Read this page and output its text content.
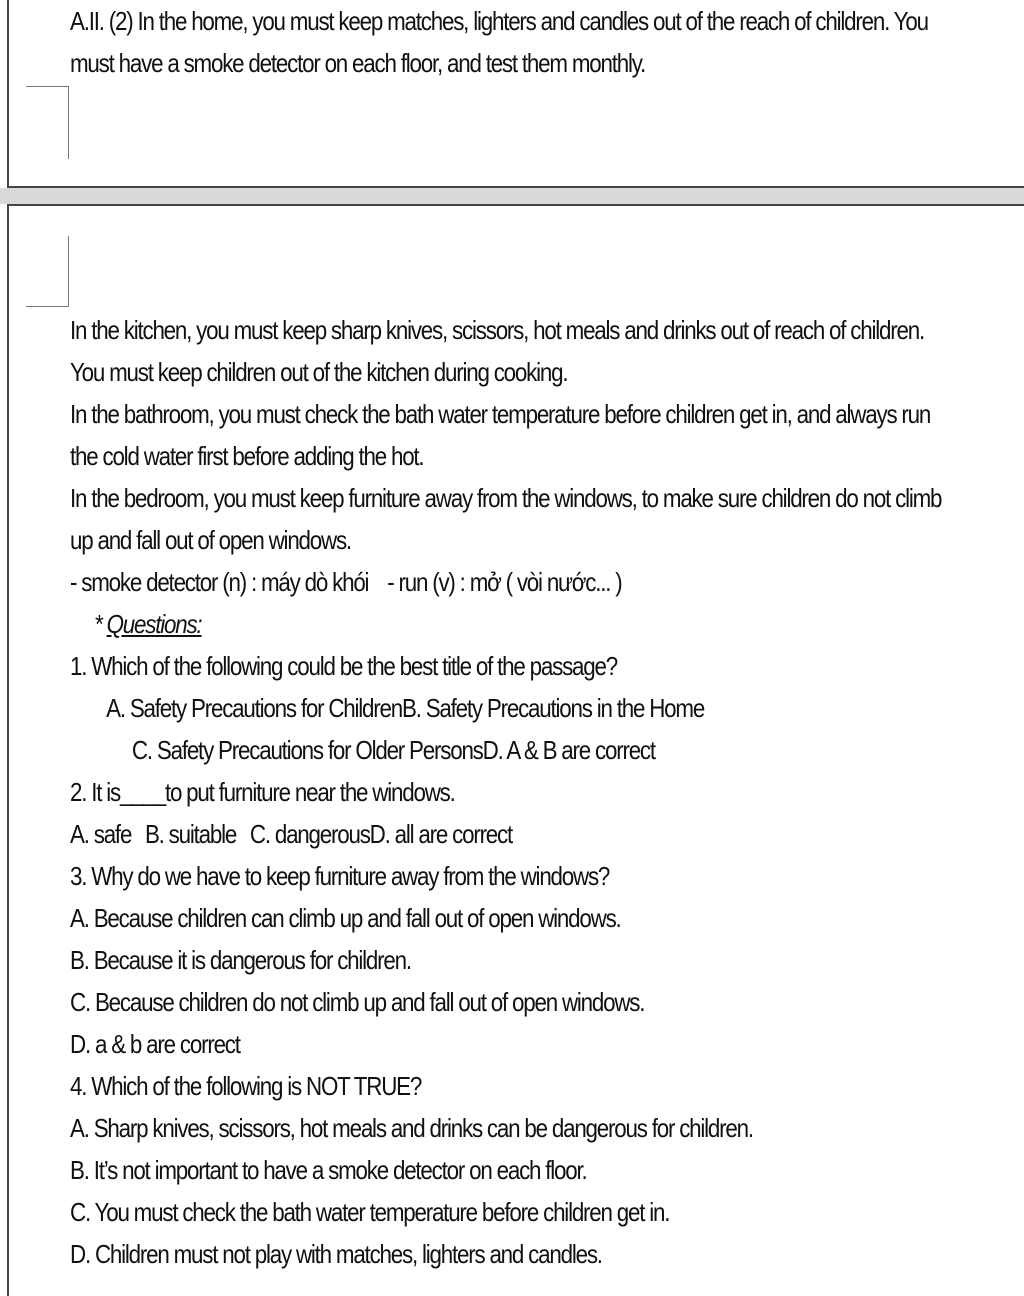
A.II. (2) In the home, you must keep matches, lighters and candles out of the reach of children. You
must have a smoke detector on each floor, and test them monthly.
In the kitchen, you must keep sharp knives, scissors, hot meals and drinks out of reach of children.
You must keep children out of the kitchen during cooking.
In the bathroom, you must check the bath water temperature before children get in, and always run
the cold water first before adding the hot.
In the bedroom, you must keep furniture away from the windows, to make sure children do not climb
up and fall out of open windows.
- smoke detector (n) : máy dò khói - run (v) : mở ( vòi nước... )
* Questions:
1. Which of the following could be the best title of the passage?
A. Safety Precautions for ChildrenB. Safety Precautions in the Home
C. Safety Precautions for Older PersonsD. A & B are correct
2. It is____to put furniture near the windows.
A. safe B. suitable C. dangerousD. all are correct
3. Why do we have to keep furniture away from the windows?
A. Because children can climb up and fall out of open windows.
B. Because it is dangerous for children.
C. Because children do not climb up and fall out of open windows.
D. a & b are correct
4. Which of the following is NOT TRUE?
A. Sharp knives, scissors, hot meals and drinks can be dangerous for children.
B. It’s not important to have a smoke detector on each floor.
C. You must check the bath water temperature before children get in.
D. Children must not play with matches, lighters and candles.
